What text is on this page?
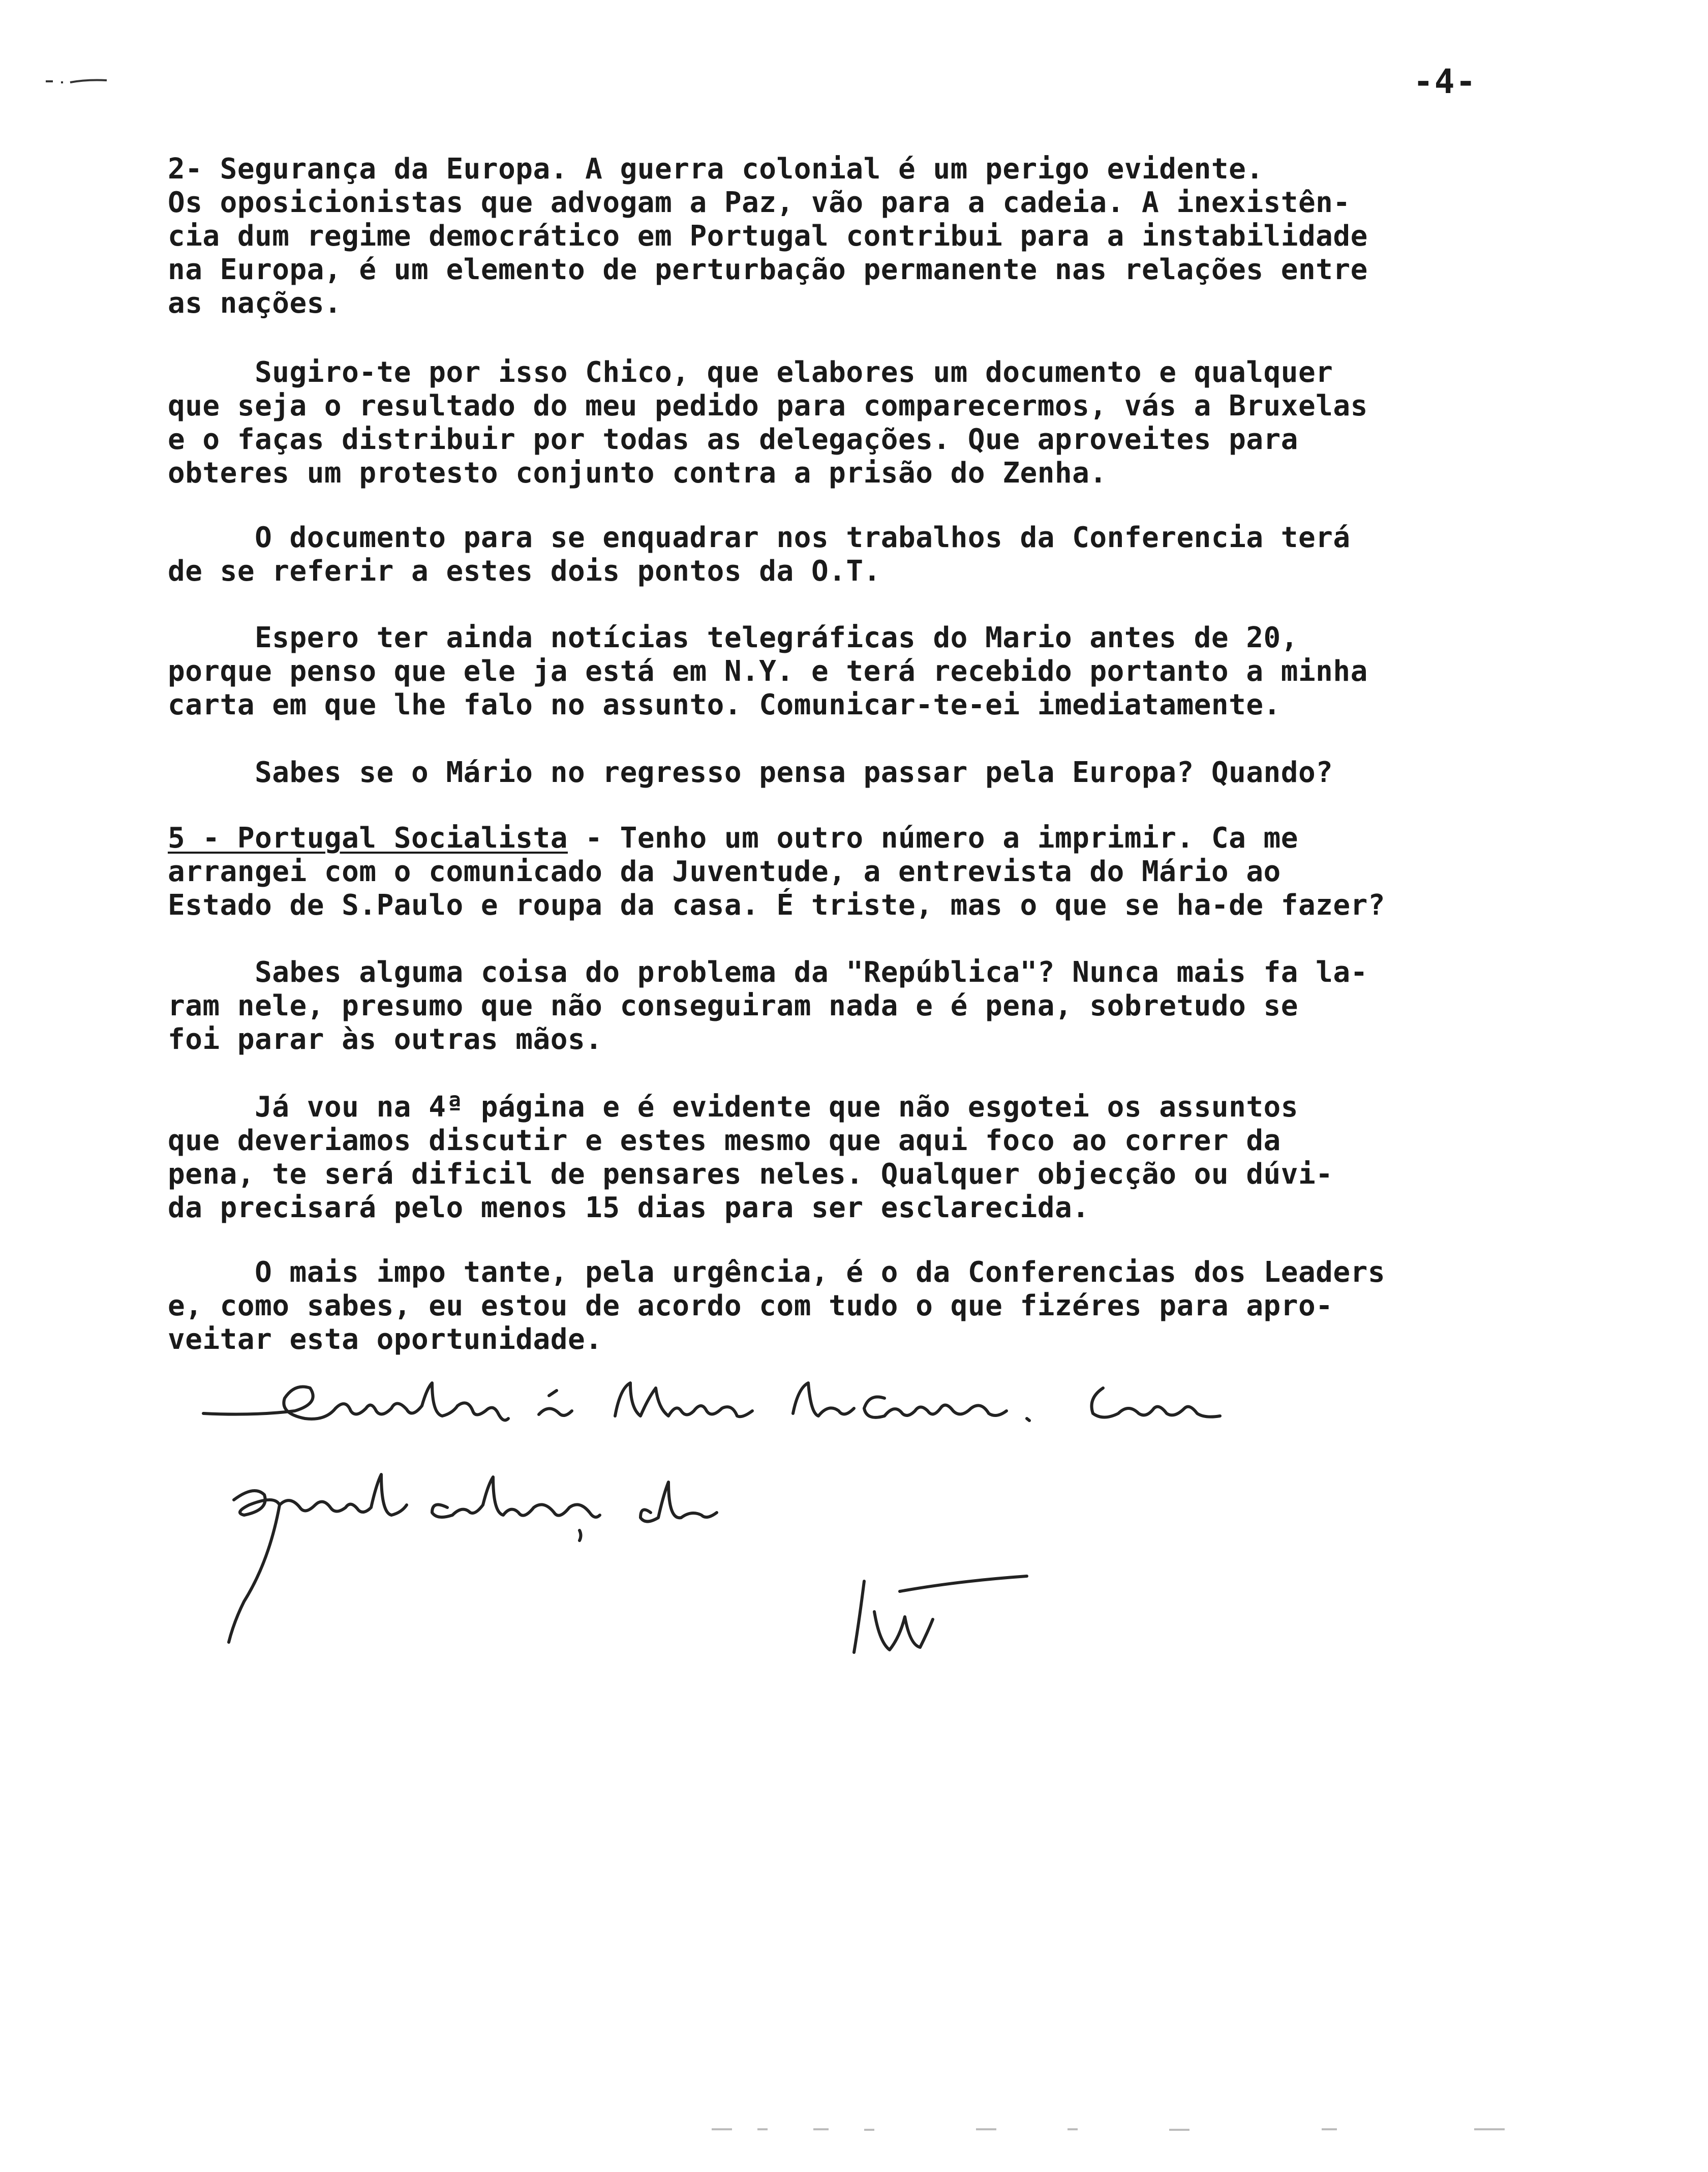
-4-
2- Segurança da Europa. A guerra colonial é um perigo evidente.
Os oposicionistas que advogam a Paz, vão para a cadeia. A inexistên-
cia dum regime democrático em Portugal contribui para a instabilidade
na Europa, é um elemento de perturbação permanente nas relações entre
as nações.
Sugiro-te por isso Chico, que elabores um documento e qualquer
que seja o resultado do meu pedido para comparecermos, vás a Bruxelas
e o faças distribuir por todas as delegações. Que aproveites para
obteres um protesto conjunto contra a prisão do Zenha.
O documento para se enquadrar nos trabalhos da Conferencia terá
de se referir a estes dois pontos da O.T.
Espero ter ainda notícias telegráficas do Mario antes de 20,
porque penso que ele ja está em N.Y. e terá recebido portanto a minha
carta em que lhe falo no assunto. Comunicar-te-ei imediatamente.
Sabes se o Mário no regresso pensa passar pela Europa? Quando?
5 - Portugal Socialista - Tenho um outro número a imprimir. Ca me
arrangei com o comunicado da Juventude, a entrevista do Mário ao
Estado de S.Paulo e roupa da casa. É triste, mas o que se ha-de fazer?
Sabes alguma coisa do problema da "República"? Nunca mais fa la-
ram nele, presumo que não conseguiram nada e é pena, sobretudo se
foi parar às outras mãos.
Já vou na 4ª página e é evidente que não esgotei os assuntos
que deveriamos discutir e estes mesmo que aqui foco ao correr da
pena, te será dificil de pensares neles. Qualquer objecção ou dúvi-
da precisará pelo menos 15 dias para ser esclarecida.
O mais impo tante, pela urgência, é o da Conferencias dos Leaders
e, como sabes, eu estou de acordo com tudo o que fizéres para apro-
veitar esta oportunidade.
